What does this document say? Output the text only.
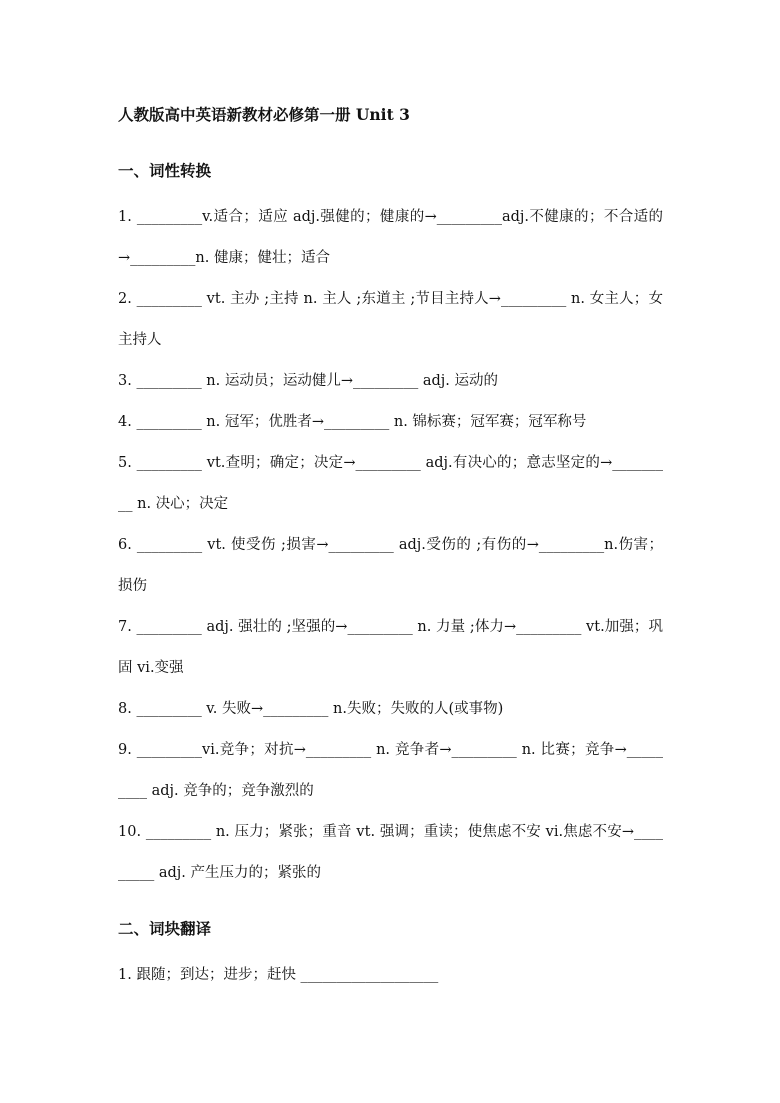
人教版高中英语新教材必修第一册 Unit 3
一、词性转换

1. _________v.适合；适应 adj.强健的；健康的→_________adj.不健康的；不合适的→_________n. 健康；健壮；适合

2. _________ vt. 主办 ;主持 n. 主人 ;东道主 ;节目主持人→_________ n. 女主人；女主持人

3. _________ n. 运动员；运动健儿→_________ adj. 运动的

4. _________ n. 冠军；优胜者→_________ n. 锦标赛；冠军赛；冠军称号

5. _________ vt.查明；确定；决定→_________ adj.有决心的；意志坚定的→_________ n. 决心；决定

6. _________ vt. 使受伤 ;损害→_________ adj.受伤的 ;有伤的→_________n.伤害；损伤

7. _________ adj. 强壮的 ;坚强的→_________ n. 力量 ;体力→_________ vt.加强；巩固 vi.变强

8. _________ v. 失败→_________ n.失败；失败的人(或事物)

9. _________vi.竞争；对抗→_________ n. 竞争者→_________ n. 比赛；竞争→_________ adj. 竞争的；竞争激烈的

10. _________ n. 压力；紧张；重音 vt. 强调；重读；使焦虑不安 vi.焦虑不安→_________ adj. 产生压力的；紧张的

二、词块翻译

1. 跟随；到达；进步；赶快 ___________________
